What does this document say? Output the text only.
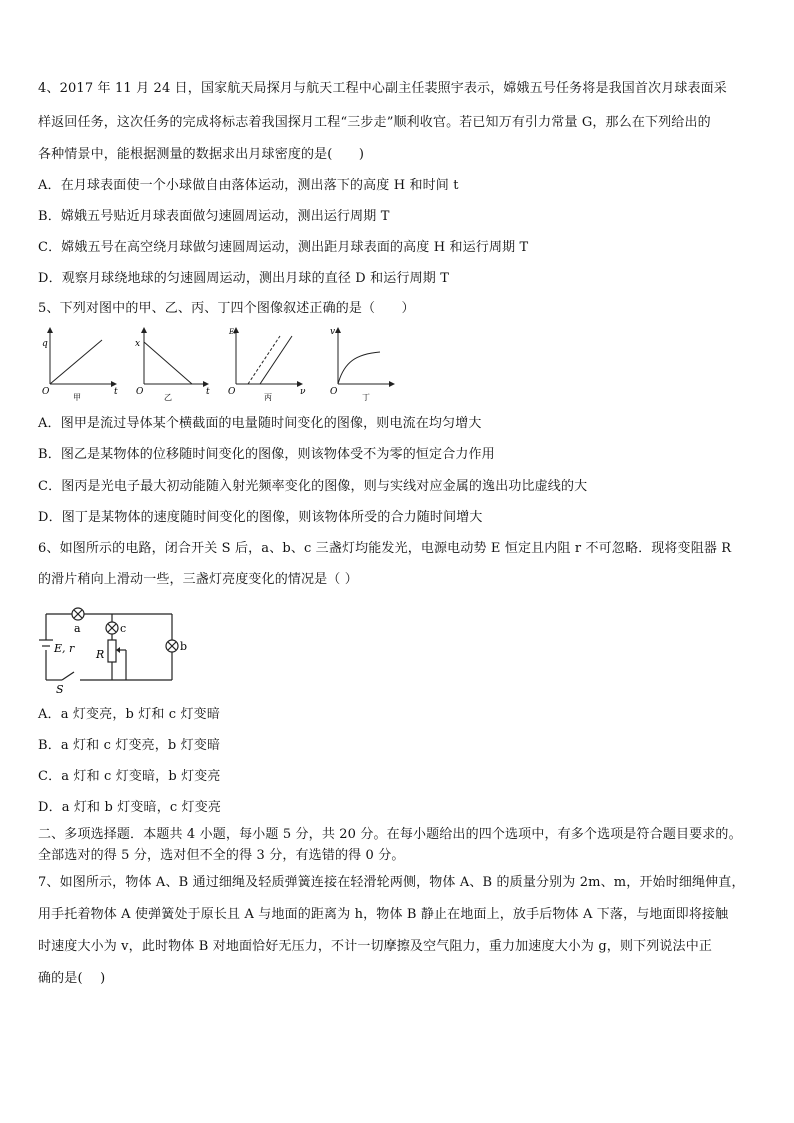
4、2017 年 11 月 24 日，国家航天局探月与航天工程中心副主任裴照宇表示，嫦娥五号任务将是我国首次月球表面采
样返回任务，这次任务的完成将标志着我国探月工程“三步走”顺利收官。若已知万有引力常量 G，那么在下列给出的
各种情景中，能根据测量的数据求出月球密度的是(　　)
A．在月球表面使一个小球做自由落体运动，测出落下的高度 H 和时间 t
B．嫦娥五号贴近月球表面做匀速圆周运动，测出运行周期 T
C．嫦娥五号在高空绕月球做匀速圆周运动，测出距月球表面的高度 H 和运行周期 T
D．观察月球绕地球的匀速圆周运动，测出月球的直径 D 和运行周期 T
5、下列对图中的甲、乙、丙、丁四个图像叙述正确的是（　　）
q
t
O
甲
x
t
O
乙
Eₖ
ν
O
丙
v
O
丁
A．图甲是流过导体某个横截面的电量随时间变化的图像，则电流在均匀增大
B．图乙是某物体的位移随时间变化的图像，则该物体受不为零的恒定合力作用
C．图丙是光电子最大初动能随入射光频率变化的图像，则与实线对应金属的逸出功比虚线的大
D．图丁是某物体的速度随时间变化的图像，则该物体所受的合力随时间增大
6、如图所示的电路，闭合开关 S 后，a、b、c 三盏灯均能发光，电源电动势 E 恒定且内阻 r 不可忽略．现将变阻器 R
的滑片稍向上滑动一些，三盏灯亮度变化的情况是（ ）
a	c
b
R
E, r
S
A．a 灯变亮，b 灯和 c 灯变暗
B．a 灯和 c 灯变亮，b 灯变暗
C．a 灯和 c 灯变暗，b 灯变亮
D．a 灯和 b 灯变暗，c 灯变亮
二、多项选择题．本题共 4 小题，每小题 5 分，共 20 分。在每小题给出的四个选项中，有多个选项是符合题目要求的。
全部选对的得 5 分，选对但不全的得 3 分，有选错的得 0 分。
7、如图所示，物体 A、B 通过细绳及轻质弹簧连接在轻滑轮两侧，物体 A、B 的质量分别为 2m、m，开始时细绳伸直，
用手托着物体 A 使弹簧处于原长且 A 与地面的距离为 h，物体 B 静止在地面上，放手后物体 A 下落，与地面即将接触
时速度大小为 v，此时物体 B 对地面恰好无压力，不计一切摩擦及空气阻力，重力加速度大小为 g，则下列说法中正
确的是(　 )
